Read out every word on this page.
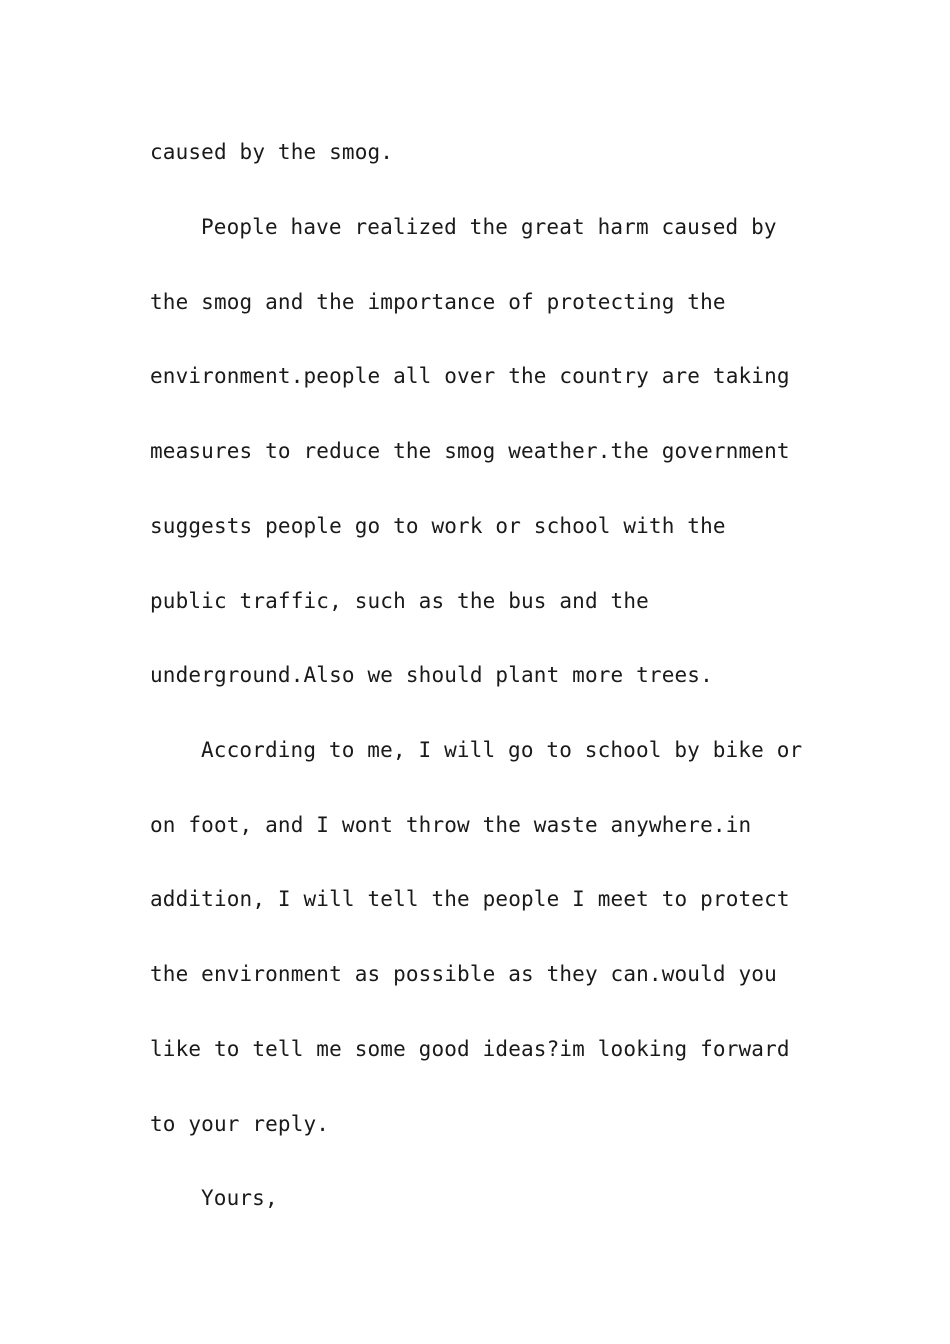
caused by the smog.

People have realized the great harm caused by

the smog and the importance of protecting the

environment.people all over the country are taking

measures to reduce the smog weather.the government

suggests people go to work or school with the

public traffic, such as the bus and the

underground.Also we should plant more trees.

According to me, I will go to school by bike or

on foot, and I wont throw the waste anywhere.in

addition, I will tell the people I meet to protect

the environment as possible as they can.would you

like to tell me some good ideas?im looking forward

to your reply.

Yours,
